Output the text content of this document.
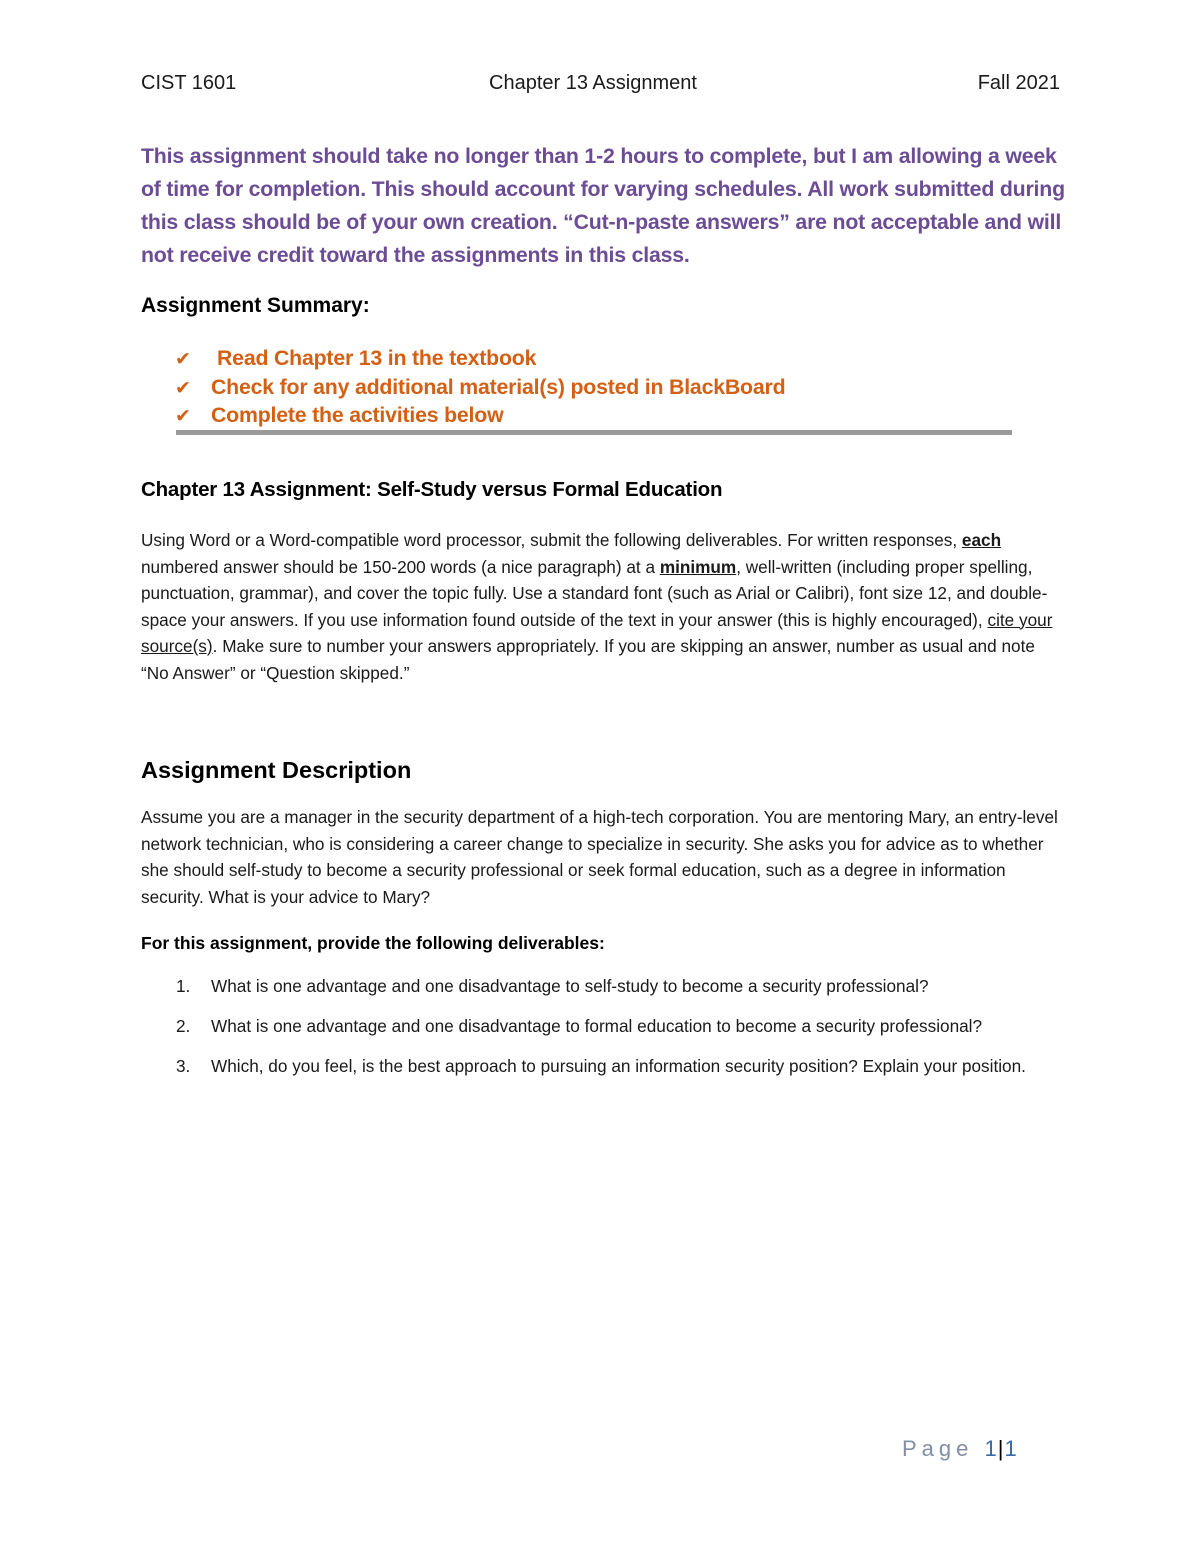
CIST 1601	Chapter 13 Assignment	Fall 2021
This assignment should take no longer than 1-2 hours to complete, but I am allowing a week of time for completion. This should account for varying schedules. All work submitted during this class should be of your own creation. “Cut-n-paste answers” are not acceptable and will not receive credit toward the assignments in this class.
Assignment Summary:
✔ Read Chapter 13 in the textbook
✔ Check for any additional material(s) posted in BlackBoard
✔ Complete the activities below
Chapter 13 Assignment: Self-Study versus Formal Education
Using Word or a Word-compatible word processor, submit the following deliverables. For written responses, each numbered answer should be 150-200 words (a nice paragraph) at a minimum, well-written (including proper spelling, punctuation, grammar), and cover the topic fully. Use a standard font (such as Arial or Calibri), font size 12, and double-space your answers. If you use information found outside of the text in your answer (this is highly encouraged), cite your source(s). Make sure to number your answers appropriately. If you are skipping an answer, number as usual and note “No Answer” or “Question skipped.”
Assignment Description
Assume you are a manager in the security department of a high-tech corporation. You are mentoring Mary, an entry-level network technician, who is considering a career change to specialize in security. She asks you for advice as to whether she should self-study to become a security professional or seek formal education, such as a degree in information security. What is your advice to Mary?
For this assignment, provide the following deliverables:
1. What is one advantage and one disadvantage to self-study to become a security professional?
2. What is one advantage and one disadvantage to formal education to become a security professional?
3. Which, do you feel, is the best approach to pursuing an information security position? Explain your position.
Page 1|1
